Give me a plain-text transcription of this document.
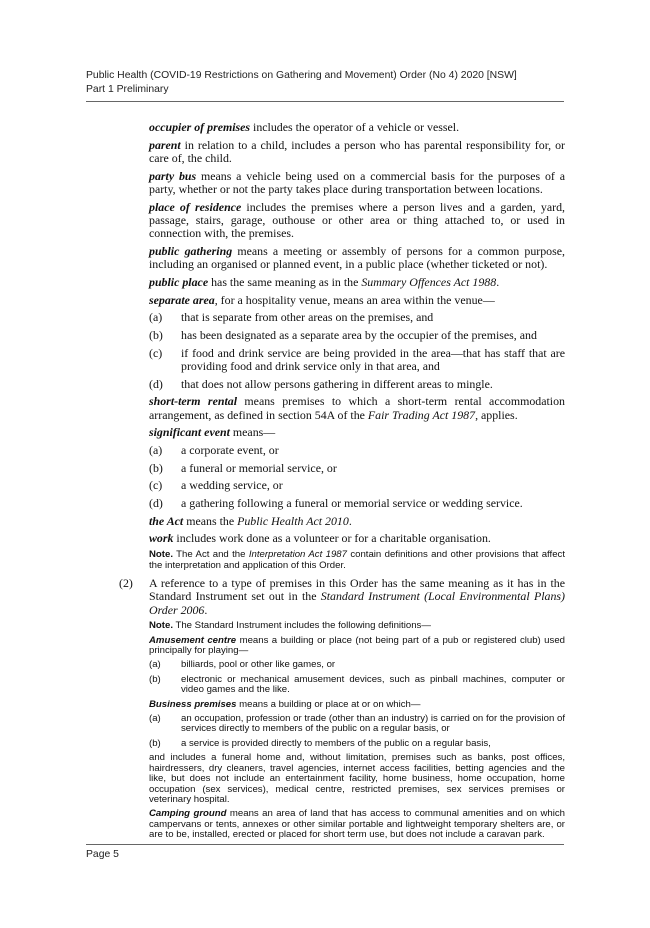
Public Health (COVID-19 Restrictions on Gathering and Movement) Order (No 4) 2020 [NSW]
Part 1 Preliminary

occupier of premises includes the operator of a vehicle or vessel.

parent in relation to a child, includes a person who has parental responsibility for, or care of, the child.

party bus means a vehicle being used on a commercial basis for the purposes of a party, whether or not the party takes place during transportation between locations.

place of residence includes the premises where a person lives and a garden, yard, passage, stairs, garage, outhouse or other area or thing attached to, or used in connection with, the premises.

public gathering means a meeting or assembly of persons for a common purpose, including an organised or planned event, in a public place (whether ticketed or not).

public place has the same meaning as in the Summary Offences Act 1988.

separate area, for a hospitality venue, means an area within the venue—

(a)	that is separate from other areas on the premises, and
(b)	has been designated as a separate area by the occupier of the premises, and
(c)	if food and drink service are being provided in the area—that has staff that are providing food and drink service only in that area, and
(d)	that does not allow persons gathering in different areas to mingle.

short-term rental means premises to which a short-term rental accommodation arrangement, as defined in section 54A of the Fair Trading Act 1987, applies.

significant event means—

(a)	a corporate event, or
(b)	a funeral or memorial service, or
(c)	a wedding service, or
(d)	a gathering following a funeral or memorial service or wedding service.

the Act means the Public Health Act 2010.

work includes work done as a volunteer or for a charitable organisation.

Note. The Act and the Interpretation Act 1987 contain definitions and other provisions that affect the interpretation and application of this Order.
(2) A reference to a type of premises in this Order has the same meaning as it has in the Standard Instrument set out in the Standard Instrument (Local Environmental Plans) Order 2006.

Note. The Standard Instrument includes the following definitions—
Amusement centre means a building or place (not being part of a pub or registered club) used principally for playing—
(a)	billiards, pool or other like games, or
(b)	electronic or mechanical amusement devices, such as pinball machines, computer or video games and the like.
Business premises means a building or place at or on which—
(a)	an occupation, profession or trade (other than an industry) is carried on for the provision of services directly to members of the public on a regular basis, or
(b)	a service is provided directly to members of the public on a regular basis,
and includes a funeral home and, without limitation, premises such as banks, post offices, hairdressers, dry cleaners, travel agencies, internet access facilities, betting agencies and the like, but does not include an entertainment facility, home business, home occupation, home occupation (sex services), medical centre, restricted premises, sex services premises or veterinary hospital.
Camping ground means an area of land that has access to communal amenities and on which campervans or tents, annexes or other similar portable and lightweight temporary shelters are, or are to be, installed, erected or placed for short term use, but does not include a caravan park.
Page 5
